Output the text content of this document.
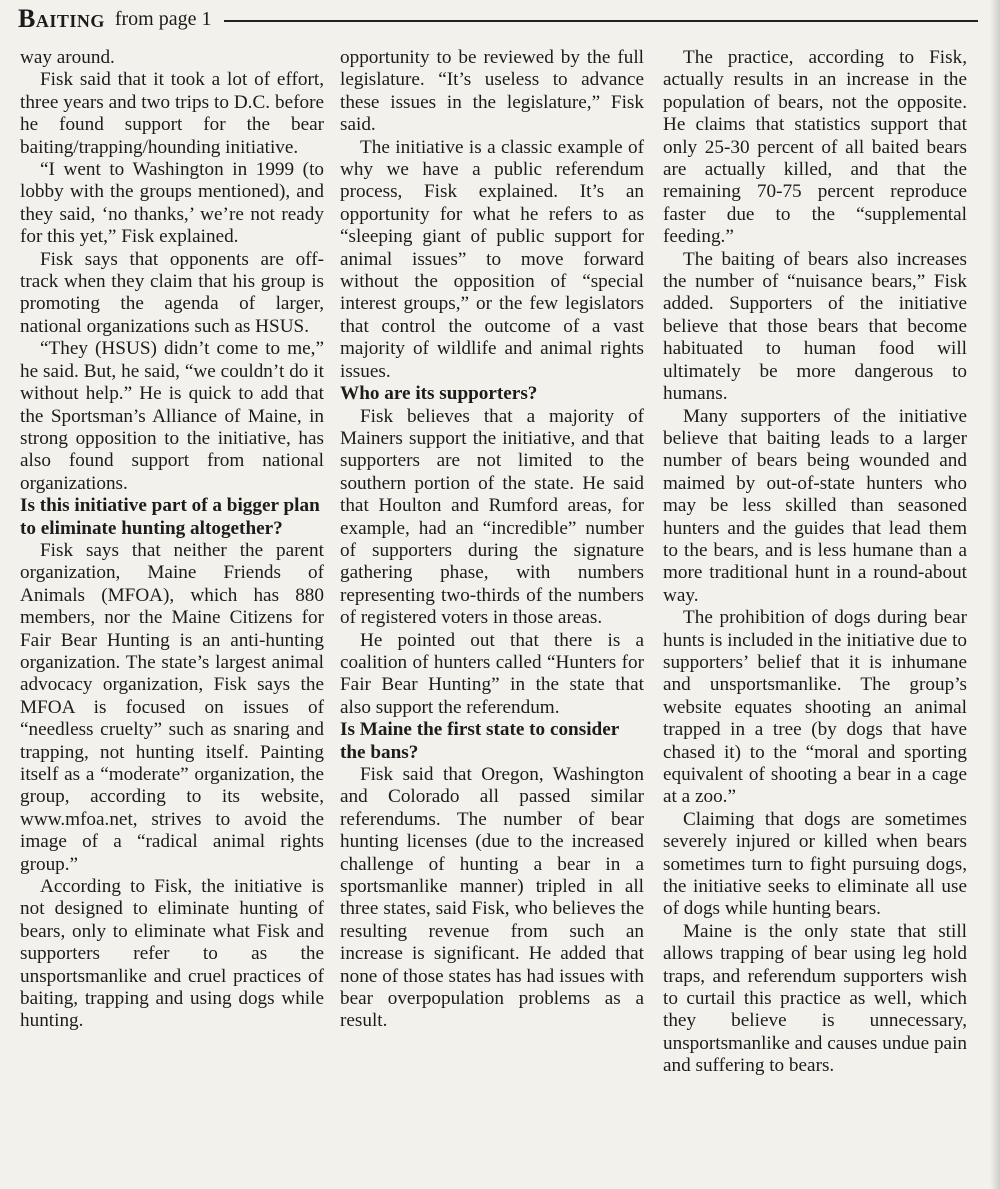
Baiting from page 1

way around.

Fisk said that it took a lot of effort, three years and two trips to D.C. before he found support for the bear baiting/trapping/hounding initiative.

“I went to Washington in 1999 (to lobby with the groups mentioned), and they said, ‘no thanks,’ we’re not ready for this yet,” Fisk explained.

Fisk says that opponents are off-track when they claim that his group is promoting the agenda of larger, national organizations such as HSUS.

“They (HSUS) didn’t come to me,” he said. But, he said, “we couldn’t do it without help.” He is quick to add that the Sportsman’s Alliance of Maine, in strong opposition to the initiative, has also found support from national organizations.

Is this initiative part of a bigger plan to eliminate hunting altogether?

Fisk says that neither the parent organization, Maine Friends of Animals (MFOA), which has 880 members, nor the Maine Citizens for Fair Bear Hunting is an anti-hunting organization. The state’s largest animal advocacy organization, Fisk says the MFOA is focused on issues of “needless cruelty” such as snaring and trapping, not hunting itself. Painting itself as a “moderate” organization, the group, according to its website, www.mfoa.net, strives to avoid the image of a “radical animal rights group.”

According to Fisk, the initiative is not designed to eliminate hunting of bears, only to eliminate what Fisk and supporters refer to as the unsportsmanlike and cruel practices of baiting, trapping and using dogs while hunting.

opportunity to be reviewed by the full legislature. “It’s useless to advance these issues in the legislature,” Fisk said.

The initiative is a classic example of why we have a public referendum process, Fisk explained. It’s an opportunity for what he refers to as “sleeping giant of public support for animal issues” to move forward without the opposition of “special interest groups,” or the few legislators that control the outcome of a vast majority of wildlife and animal rights issues.

Who are its supporters?

Fisk believes that a majority of Mainers support the initiative, and that supporters are not limited to the southern portion of the state. He said that Houlton and Rumford areas, for example, had an “incredible” number of supporters during the signature gathering phase, with numbers representing two-thirds of the numbers of registered voters in those areas.

He pointed out that there is a coalition of hunters called “Hunters for Fair Bear Hunting” in the state that also support the referendum.

Is Maine the first state to consider the bans?

Fisk said that Oregon, Washington and Colorado all passed similar referendums. The number of bear hunting licenses (due to the increased challenge of hunting a bear in a sportsmanlike manner) tripled in all three states, said Fisk, who believes the resulting revenue from such an increase is significant. He added that none of those states has had issues with bear overpopulation problems as a result.

The practice, according to Fisk, actually results in an increase in the population of bears, not the opposite. He claims that statistics support that only 25-30 percent of all baited bears are actually killed, and that the remaining 70-75 percent reproduce faster due to the “supplemental feeding.”

The baiting of bears also increases the number of “nuisance bears,” Fisk added. Supporters of the initiative believe that those bears that become habituated to human food will ultimately be more dangerous to humans.

Many supporters of the initiative believe that baiting leads to a larger number of bears being wounded and maimed by out-of-state hunters who may be less skilled than seasoned hunters and the guides that lead them to the bears, and is less humane than a more traditional hunt in a round-about way.

The prohibition of dogs during bear hunts is included in the initiative due to supporters’ belief that it is inhumane and unsportsmanlike. The group’s website equates shooting an animal trapped in a tree (by dogs that have chased it) to the “moral and sporting equivalent of shooting a bear in a cage at a zoo.”

Claiming that dogs are sometimes severely injured or killed when bears sometimes turn to fight pursuing dogs, the initiative seeks to eliminate all use of dogs while hunting bears.

Maine is the only state that still allows trapping of bear using leg hold traps, and referendum supporters wish to curtail this practice as well, which they believe is unnecessary, unsportsmanlike and causes undue pain and suffering to bears.
